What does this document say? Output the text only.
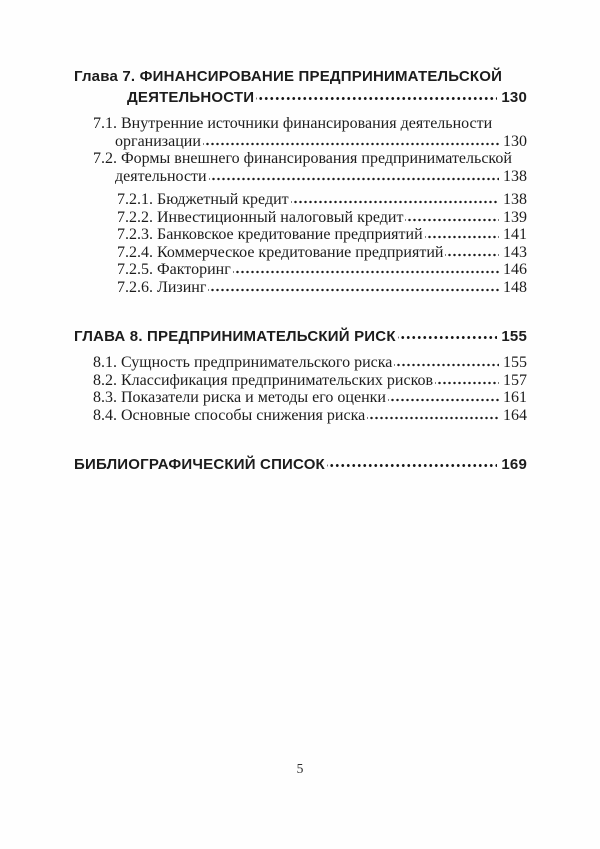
Глава 7. ФИНАНСИРОВАНИЕ ПРЕДПРИНИМАТЕЛЬСКОЙ
ДЕЯТЕЛЬНОСТИ	130
7.1. Внутренние источники финансирования деятельности
организации	130
7.2. Формы внешнего финансирования предпринимательской
деятельности	138
7.2.1. Бюджетный кредит	138
7.2.2. Инвестиционный налоговый кредит	139
7.2.3. Банковское кредитование предприятий	141
7.2.4. Коммерческое кредитование предприятий	143
7.2.5. Факторинг	146
7.2.6. Лизинг	148
ГЛАВА 8. ПРЕДПРИНИМАТЕЛЬСКИЙ РИСК	155
8.1. Сущность предпринимательского риска	155
8.2. Классификация предпринимательских рисков	157
8.3. Показатели риска и методы его оценки	161
8.4. Основные способы снижения риска	164
БИБЛИОГРАФИЧЕСКИЙ СПИСОК	169
5
